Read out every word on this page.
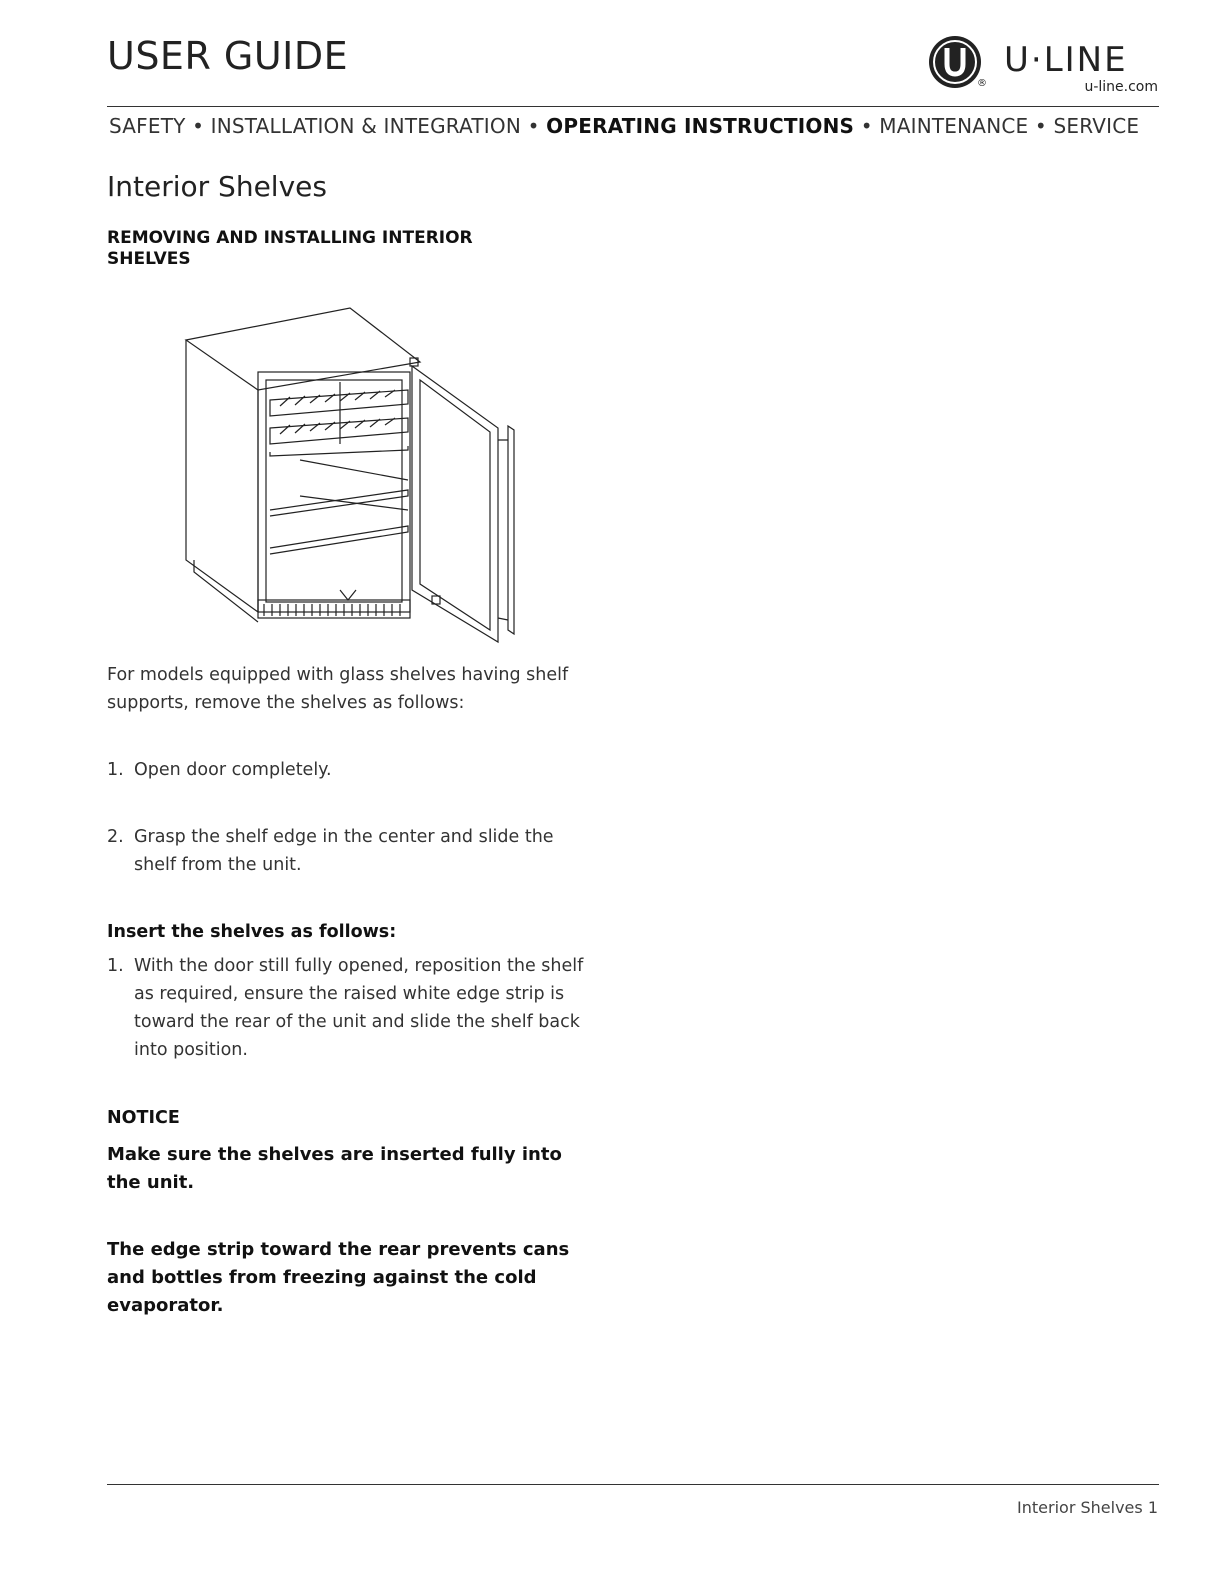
USER GUIDE
®
U·LINE
u-line.com
SAFETY • INSTALLATION & INTEGRATION • OPERATING INSTRUCTIONS • MAINTENANCE • SERVICE
Interior Shelves
REMOVING AND INSTALLING INTERIOR SHELVES
For models equipped with glass shelves having shelf supports, remove the shelves as follows:
1. Open door completely.
2. Grasp the shelf edge in the center and slide the shelf from the unit.
Insert the shelves as follows:
1. With the door still fully opened, reposition the shelf as required, ensure the raised white edge strip is toward the rear of the unit and slide the shelf back into position.
NOTICE
Make sure the shelves are inserted fully into the unit.
The edge strip toward the rear prevents cans and bottles from freezing against the cold evaporator.
Interior Shelves 1
